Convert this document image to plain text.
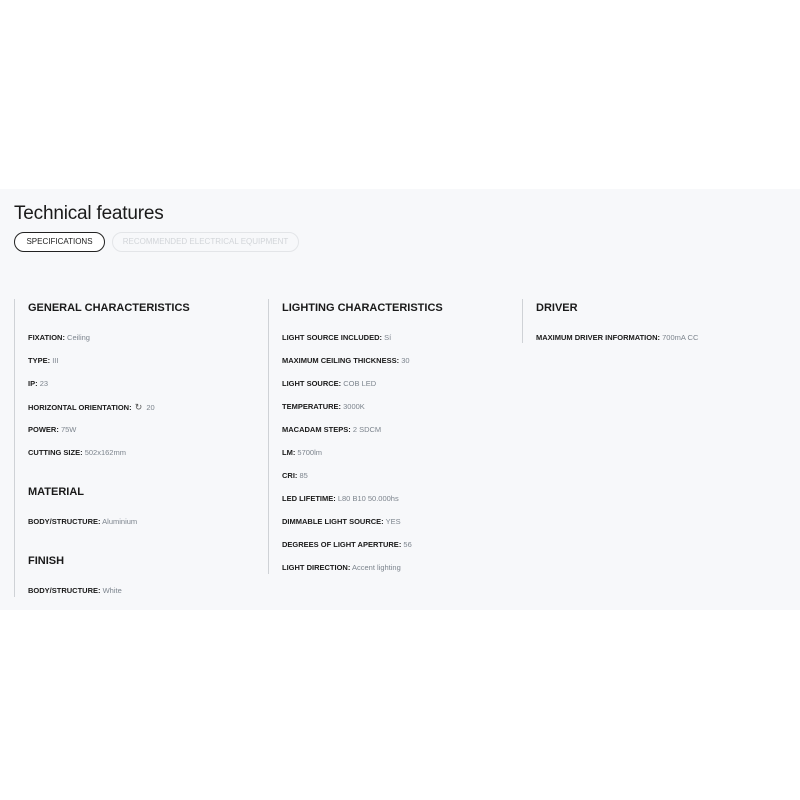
Technical features
SPECIFICATIONS	RECOMMENDED ELECTRICAL EQUIPMENT
GENERAL CHARACTERISTICS
FIXATION: Ceiling
TYPE: III
IP: 23
HORIZONTAL ORIENTATION: ↻ 20
POWER: 75W
CUTTING SIZE: 502x162mm
MATERIAL
BODY/STRUCTURE: Aluminium
FINISH
BODY/STRUCTURE: White
LIGHTING CHARACTERISTICS
LIGHT SOURCE INCLUDED: Sí
MAXIMUM CEILING THICKNESS: 30
LIGHT SOURCE: COB LED
TEMPERATURE: 3000K
MACADAM STEPS: 2 SDCM
LM: 5700lm
CRI: 85
LED LIFETIME: L80 B10 50.000hs
DIMMABLE LIGHT SOURCE: YES
DEGREES OF LIGHT APERTURE: 56
LIGHT DIRECTION: Accent lighting
DRIVER
MAXIMUM DRIVER INFORMATION: 700mA CC
